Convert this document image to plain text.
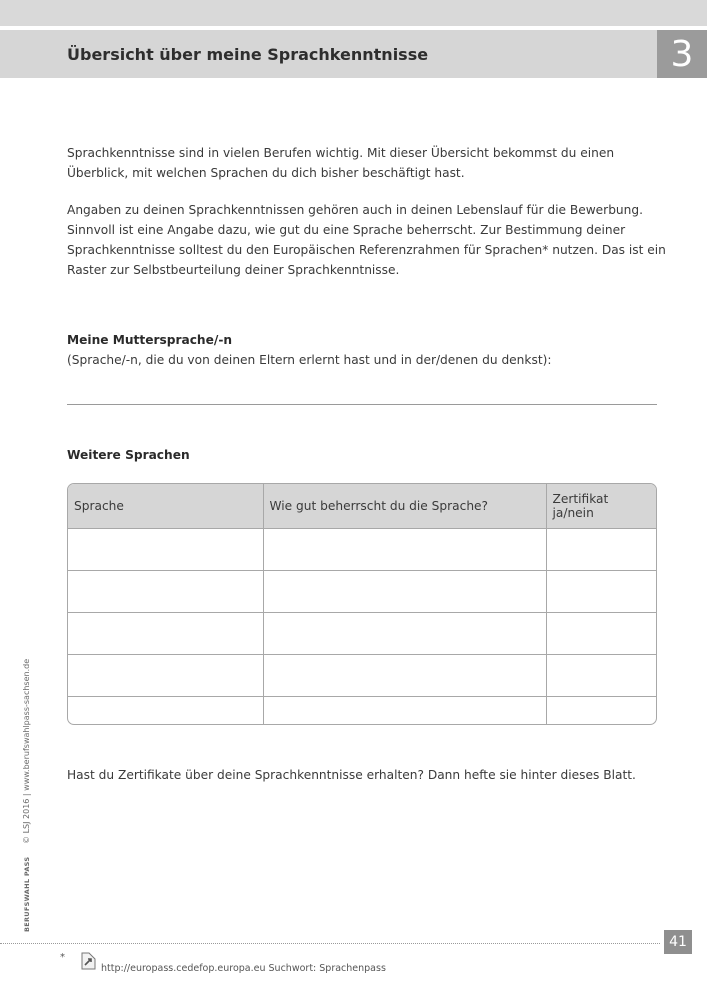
Übersicht über meine Sprachkenntnisse	3

Sprachkenntnisse sind in vielen Berufen wichtig. Mit dieser Übersicht bekommst du einen Überblick, mit welchen Sprachen du dich bisher beschäftigt hast.

Angaben zu deinen Sprachkenntnissen gehören auch in deinen Lebenslauf für die Bewerbung. Sinnvoll ist eine Angabe dazu, wie gut du eine Sprache beherrscht. Zur Bestimmung deiner Sprachkenntnisse solltest du den Europäischen Referenzrahmen für Sprachen* nutzen. Das ist ein Raster zur Selbstbeurteilung deiner Sprachkenntnisse.

Meine Muttersprache/-n

(Sprache/-n, die du von deinen Eltern erlernt hast und in der/denen du denkst):

Weitere Sprachen

Sprache	Wie gut beherrscht du die Sprache?	Zertifikat ja/nein

Hast du Zertifikate über deine Sprachkenntnisse erhalten? Dann hefte sie hinter dieses Blatt.

BERUFSWAHL PASS     © LSJ 2016 | www.berufswahlpass-sachsen.de
41
*
http://europass.cedefop.europa.eu Suchwort: Sprachenpass
